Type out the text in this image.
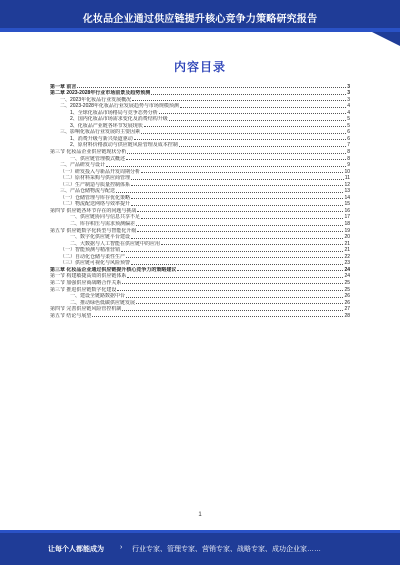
化妆品企业通过供应链提升核心竞争力策略研究报告
内容目录
第一章 前言	3
第二章 2023-2028年行业市场前景及趋势预测	3
一、2023年化妆品行业发展概况	3
二、2023-2028年化妆品行业发展趋势与市场规模预测	4
1、全球化妆品市场格局与竞争态势分析	4
2、国内化妆品市场需求变化及消费结构升级	5
3、化妆品产业链各环节发展现状	5
三、影响化妆品行业发展的主要因素	6
1、消费升级与新兴渠道驱动	6
2、原材料价格波动与供应链风险管理及成本控制	7
第三节 化妆品企业供应链现状分析	8
一、供应链管理模式概述	8
二、产品研发与设计	9
（一）研发投入与新品开发周期分析	10
（二）原材料采购与供应商管理	11
（三）生产制造与质量控制体系	12
三、产品仓储物流与配送	13
（一）仓储管理与库存优化策略	14
（二）物流配送网络与效率提升	15
第四节 供应链各环节存在的问题与挑战	16
一、供应链协同与信息共享不足	17
二、库存积压与需求预测偏差	18
第五节 供应链数字化转型与智能化升级	19
一、数字化供应链平台建设	20
二、大数据与人工智能在供应链中的应用	21
（一）智能预测与精准营销	21
（二）自动化仓储与柔性生产	22
（三）供应链可视化与风险预警	23
第三章 化妆品企业通过供应链提升核心竞争力的策略建议	24
第一节 构建敏捷高效的供应链体系	24
第二节 加强供应商战略合作关系	25
第三节 推进供应链数字化建设	25
一、建设全链路数据中台	26
二、推动绿色低碳供应链发展	26
第四节 完善供应链风险管控机制	27
第五节 结论与展望	28
1
让每个人都能成为 › 行业专家、管理专家、营销专家、战略专家、成功企业家……
